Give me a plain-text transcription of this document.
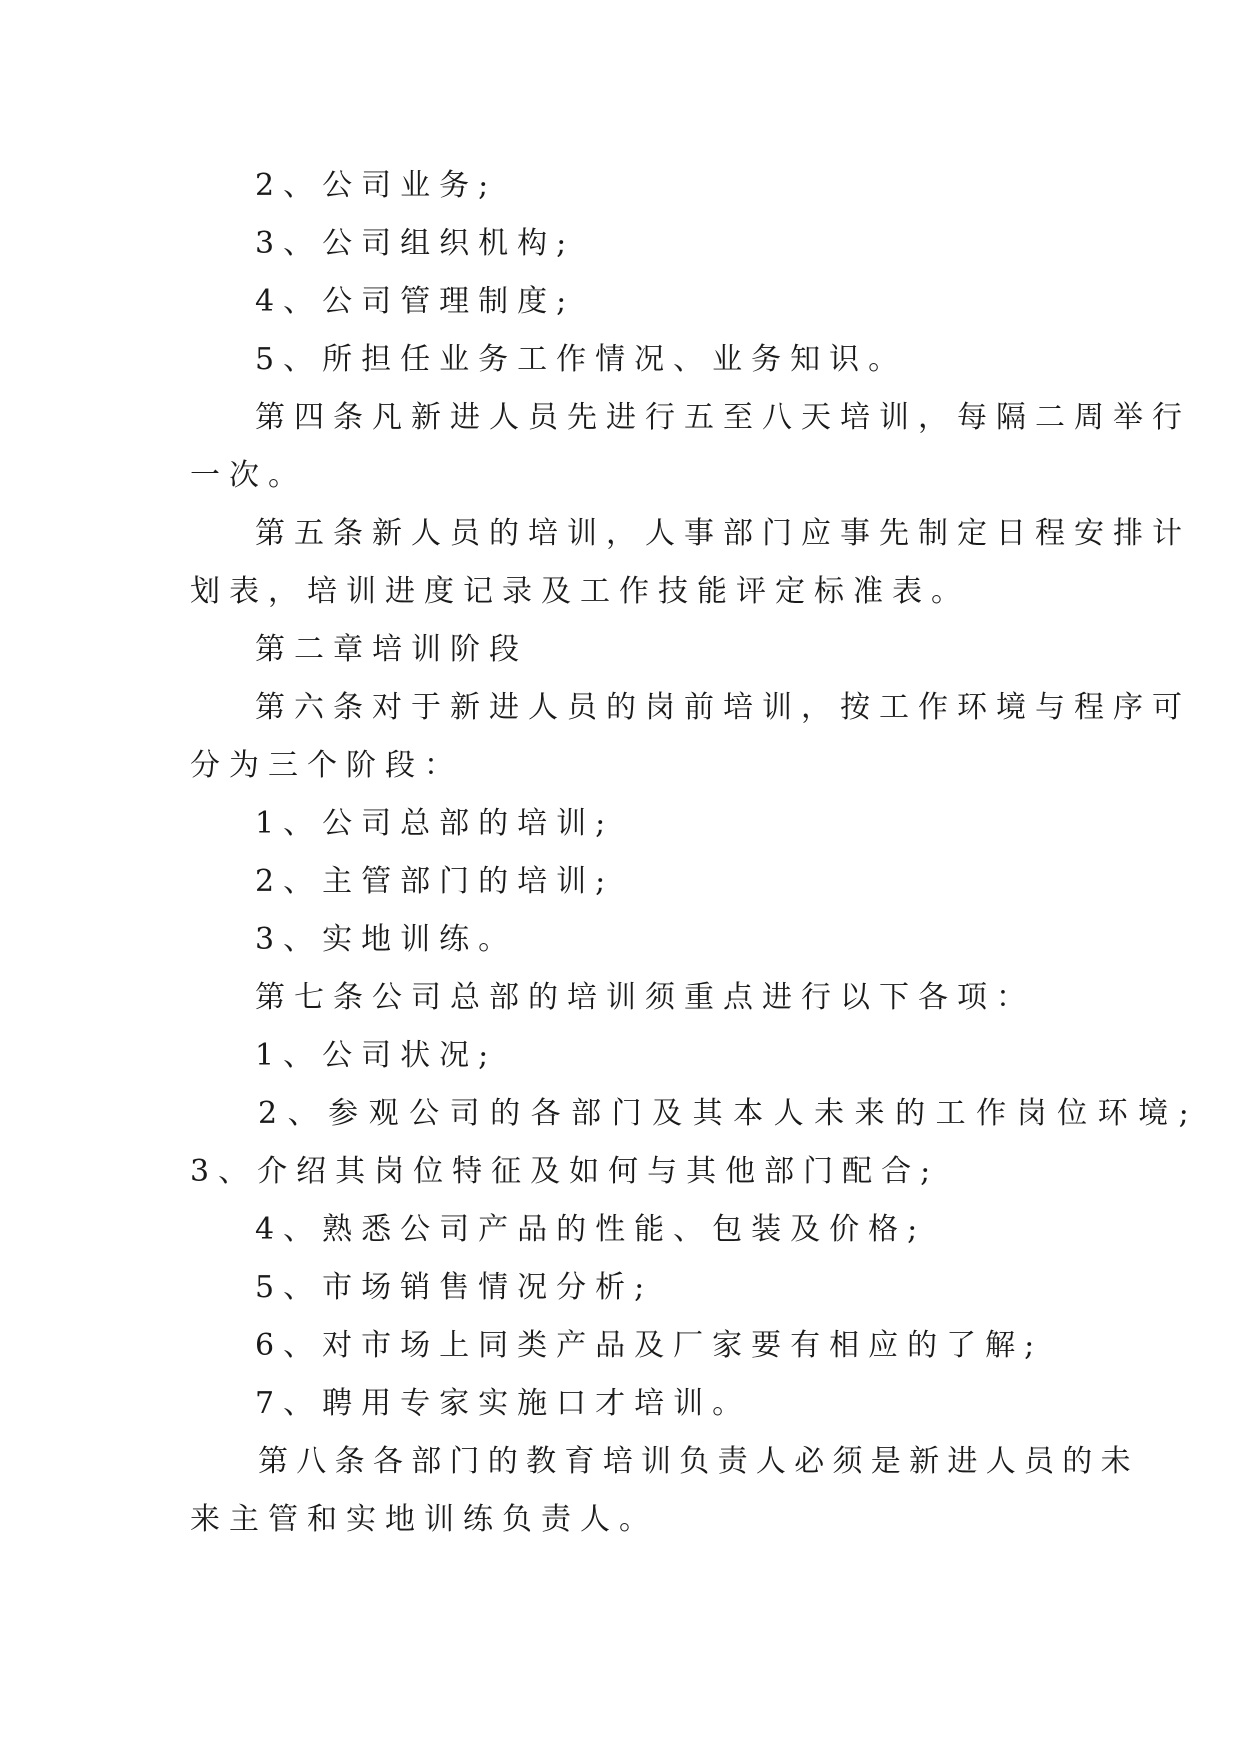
2、公司业务;
3、公司组织机构;
4、公司管理制度;
5、所担任业务工作情况、业务知识。
第四条凡新进人员先进行五至八天培训，每隔二周举行
一次。
第五条新人员的培训，人事部门应事先制定日程安排计
划表，培训进度记录及工作技能评定标准表。
第二章培训阶段
第六条对于新进人员的岗前培训，按工作环境与程序可
分为三个阶段：
1、公司总部的培训;
2、主管部门的培训;
3、实地训练。
第七条公司总部的培训须重点进行以下各项：
1、公司状况;
2、参观公司的各部门及其本人未来的工作岗位环境;
3、介绍其岗位特征及如何与其他部门配合;
4、熟悉公司产品的性能、包装及价格;
5、市场销售情况分析;
6、对市场上同类产品及厂家要有相应的了解;
7、聘用专家实施口才培训。
第八条各部门的教育培训负责人必须是新进人员的未
来主管和实地训练负责人。
